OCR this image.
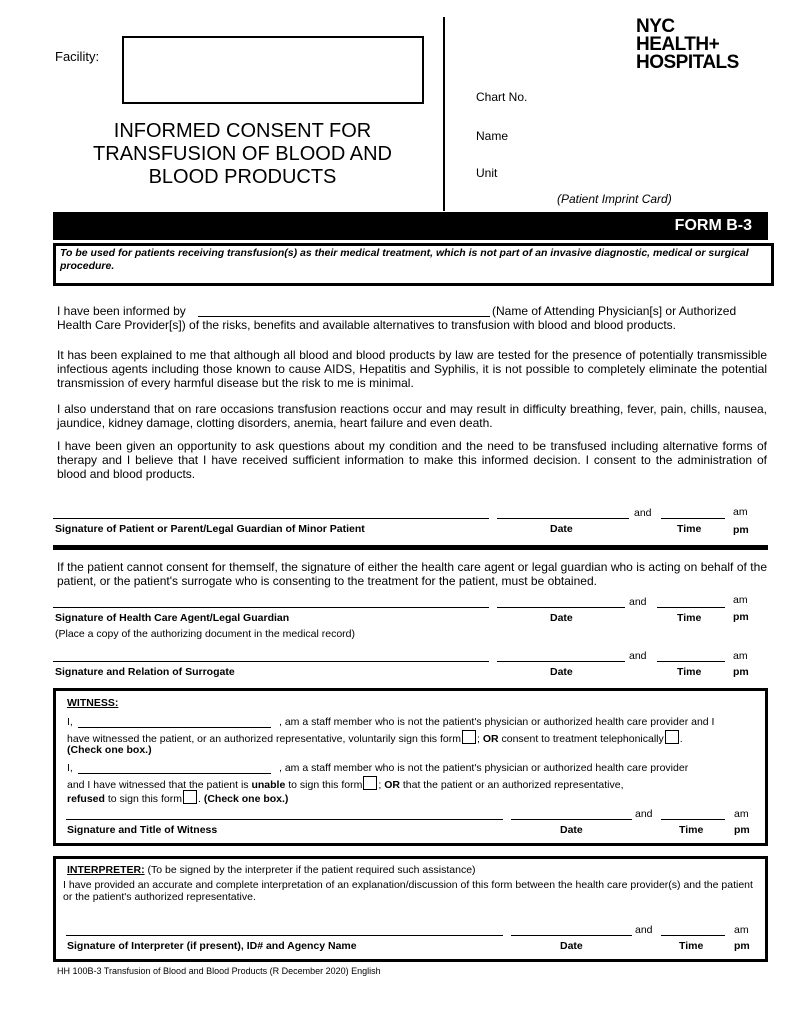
Facility:
INFORMED CONSENT FOR
TRANSFUSION OF BLOOD AND
BLOOD PRODUCTS
NYC
HEALTH+
HOSPITALS
Chart No.
Name
Unit
(Patient Imprint Card)
FORM B-3
To be used for patients receiving transfusion(s) as their medical treatment, which is not part of an invasive diagnostic, medical or surgical procedure.
I have been informed by	(Name of Attending Physician[s] or Authorized
Health Care Provider[s]) of the risks, benefits and available alternatives to transfusion with blood and blood products.
It has been explained to me that although all blood and blood products by law are tested for the presence of potentially transmissible infectious agents including those known to cause AIDS, Hepatitis and Syphilis, it is not possible to completely eliminate the potential transmission of every harmful disease but the risk to me is minimal.
I also understand that on rare occasions transfusion reactions occur and may result in difficulty breathing, fever, pain, chills, nausea, jaundice, kidney damage, clotting disorders, anemia, heart failure and even death.
I have been given an opportunity to ask questions about my condition and the need to be transfused including alternative forms of therapy and I believe that I have received sufficient information to make this informed decision. I consent to the administration of blood and blood products.
and	am
Signature of Patient or Parent/Legal Guardian of Minor Patient	Date	Time	pm
If the patient cannot consent for themself, the signature of either the health care agent or legal guardian who is acting on behalf of the patient, or the patient's surrogate who is consenting to the treatment for the patient, must be obtained.
and	am
Signature of Health Care Agent/Legal Guardian	Date	Time	pm
(Place a copy of the authorizing document in the medical record)
and	am
Signature and Relation of Surrogate	Date	Time	pm
WITNESS:
I,	, am a staff member who is not the patient's physician or authorized health care provider and I
have witnessed the patient, or an authorized representative, voluntarily sign this form ; OR consent to treatment telephonically .
(Check one box.)
I,	, am a staff member who is not the patient's physician or authorized health care provider
and I have witnessed that the patient is unable to sign this form ; OR that the patient or an authorized representative,
refused to sign this form . (Check one box.)
and	am
Signature and Title of Witness	Date	Time	pm
INTERPRETER: (To be signed by the interpreter if the patient required such assistance)
I have provided an accurate and complete interpretation of an explanation/discussion of this form between the health care provider(s) and the patient or the patient's authorized representative.
and	am
Signature of Interpreter (if present), ID# and Agency Name	Date	Time	pm
HH 100B-3 Transfusion of Blood and Blood Products (R December 2020) English
